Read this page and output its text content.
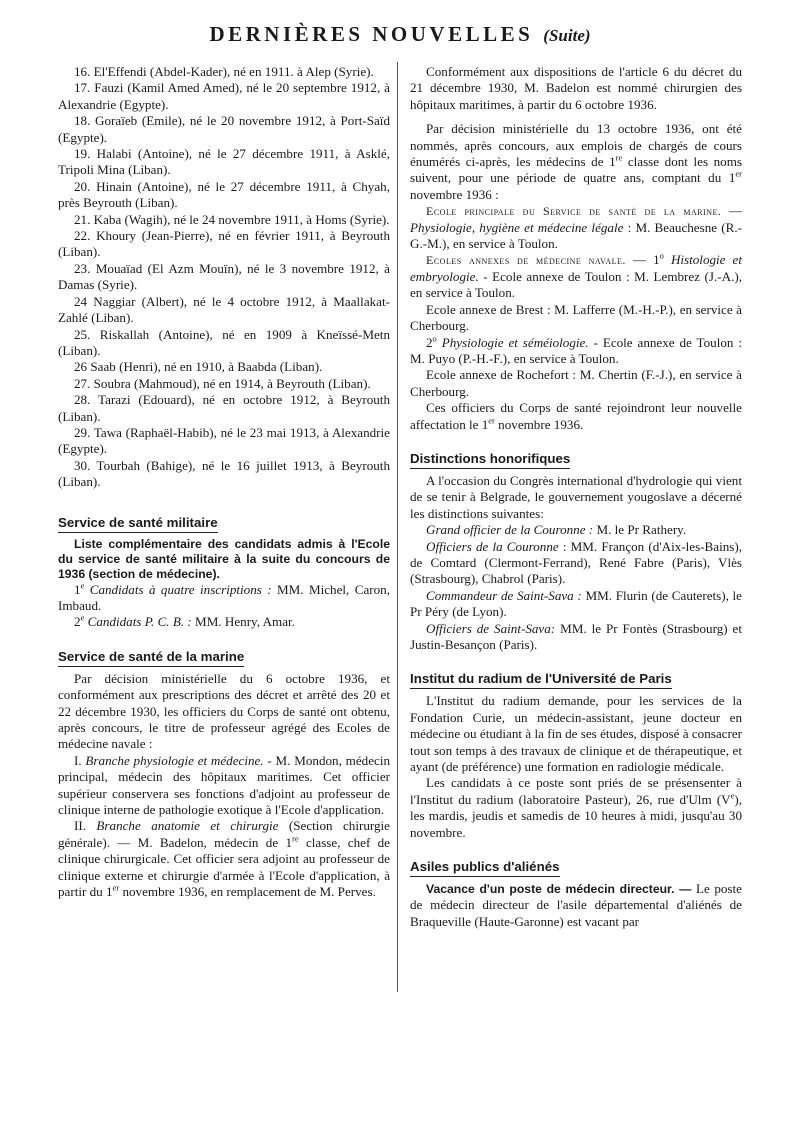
DERNIÈRES NOUVELLES (Suite)

16. El'Effendi (Abdel-Kader), né en 1911. à Alep (Syrie).

17. Fauzi (Kamil Amed Amed), né le 20 septembre 1912, à Alexandrie (Egypte).

18. Goraïeb (Emile), né le 20 novembre 1912, à Port-Saïd (Egypte).

19. Halabi (Antoine), né le 27 décembre 1911, à Asklé, Tripoli Mina (Liban).

20. Hinain (Antoine), né le 27 décembre 1911, à Chyah, près Beyrouth (Liban).

21. Kaba (Wagih), né le 24 novembre 1911, à Homs (Syrie).

22. Khoury (Jean-Pierre), né en février 1911, à Beyrouth (Liban).

23. Mouaïad (El Azm Mouïn), né le 3 novembre 1912, à Damas (Syrie).

24 Naggiar (Albert), né le 4 octobre 1912, à Maallakat-Zahlé (Liban).

25. Riskallah (Antoine), né en 1909 à Kneïssé-Metn (Liban).

26 Saab (Henri), né en 1910, à Baabda (Liban).

27. Soubra (Mahmoud), né en 1914, à Beyrouth (Liban).

28. Tarazi (Edouard), né en octobre 1912, à Beyrouth (Liban).

29. Tawa (Raphaël-Habib), né le 23 mai 1913, à Alexandrie (Egypte).

30. Tourbah (Bahige), né le 16 juillet 1913, à Beyrouth (Liban).

Service de santé militaire

Liste complémentaire des candidats admis à l'Ecole du service de santé militaire à la suite du concours de 1936 (section de médecine).

1e Candidats à quatre inscriptions : MM. Michel, Caron, Imbaud.

2e Candidats P. C. B. : MM. Henry, Amar.

Service de santé de la marine

Par décision ministérielle du 6 octobre 1936, et conformément aux prescriptions des décret et arrêté des 20 et 22 décembre 1930, les officiers du Corps de santé ont obtenu, après concours, le titre de professeur agrégé des Ecoles de médecine navale :

I. Branche physiologie et médecine. - M. Mondon, médecin principal, médecin des hôpitaux maritimes. Cet officier supérieur conservera ses fonctions d'adjoint au professeur de clinique interne de pathologie exotique à l'Ecole d'application.

II. Branche anatomie et chirurgie (Section chirurgie générale). — M. Badelon, médecin de 1re classe, chef de clinique chirurgicale. Cet officier sera adjoint au professeur de clinique externe et chirurgie d'armée à l'Ecole d'application, à partir du 1er novembre 1936, en remplacement de M. Perves.

Conformément aux dispositions de l'article 6 du décret du 21 décembre 1930, M. Badelon est nommé chirurgien des hôpitaux maritimes, à partir du 6 octobre 1936.

Par décision ministérielle du 13 octobre 1936, ont été nommés, après concours, aux emplois de chargés de cours énumérés ci-après, les médecins de 1re classe dont les noms suivent, pour une période de quatre ans, comptant du 1er novembre 1936 :

Ecole principale du Service de santé de la marine. — Physiologie, hygiène et médecine légale : M. Beauchesne (R.-G.-M.), en service à Toulon.

Ecoles annexes de médecine navale. — 1$^o$ Histologie et embryologie. - Ecole annexe de Toulon : M. Lembrez (J.-A.), en service à Toulon.

Ecole annexe de Brest : M. Lafferre (M.-H.-P.), en service à Cherbourg.

2$^o$ Physiologie et séméiologie. - Ecole annexe de Toulon : M. Puyo (P.-H.-F.), en service à Toulon.

Ecole annexe de Rochefort : M. Chertin (F.-J.), en service à Cherbourg.

Ces officiers du Corps de santé rejoindront leur nouvelle affectation le 1er novembre 1936.

Distinctions honorifiques

A l'occasion du Congrès international d'hydrologie qui vient de se tenir à Belgrade, le gouvernement yougoslave a décerné les distinctions suivantes:

Grand officier de la Couronne : M. le Pr Rathery.

Officiers de la Couronne : MM. Françon (d'Aix-les-Bains), de Comtard (Clermont-Ferrand), René Fabre (Paris), Vlès (Strasbourg), Chabrol (Paris).

Commandeur de Saint-Sava : MM. Flurin (de Cauterets), le Pr Péry (de Lyon).

Officiers de Saint-Sava: MM. le Pr Fontès (Strasbourg) et Justin-Besançon (Paris).

Institut du radium de l'Université de Paris

L'Institut du radium demande, pour les services de la Fondation Curie, un médecin-assistant, jeune docteur en médecine ou étudiant à la fin de ses études, disposé à consacrer tout son temps à des travaux de clinique et de thérapeutique, et ayant (de préférence) une formation en radiologie médicale.

Les candidats à ce poste sont priés de se présensenter à l'Institut du radium (laboratoire Pasteur), 26, rue d'Ulm (Ve), les mardis, jeudis et samedis de 10 heures à midi, jusqu'au 30 novembre.

Asiles publics d'aliénés

Vacance d'un poste de médecin directeur. — Le poste de médecin directeur de l'asile départemental d'aliénés de Braqueville (Haute-Garonne) est vacant par
